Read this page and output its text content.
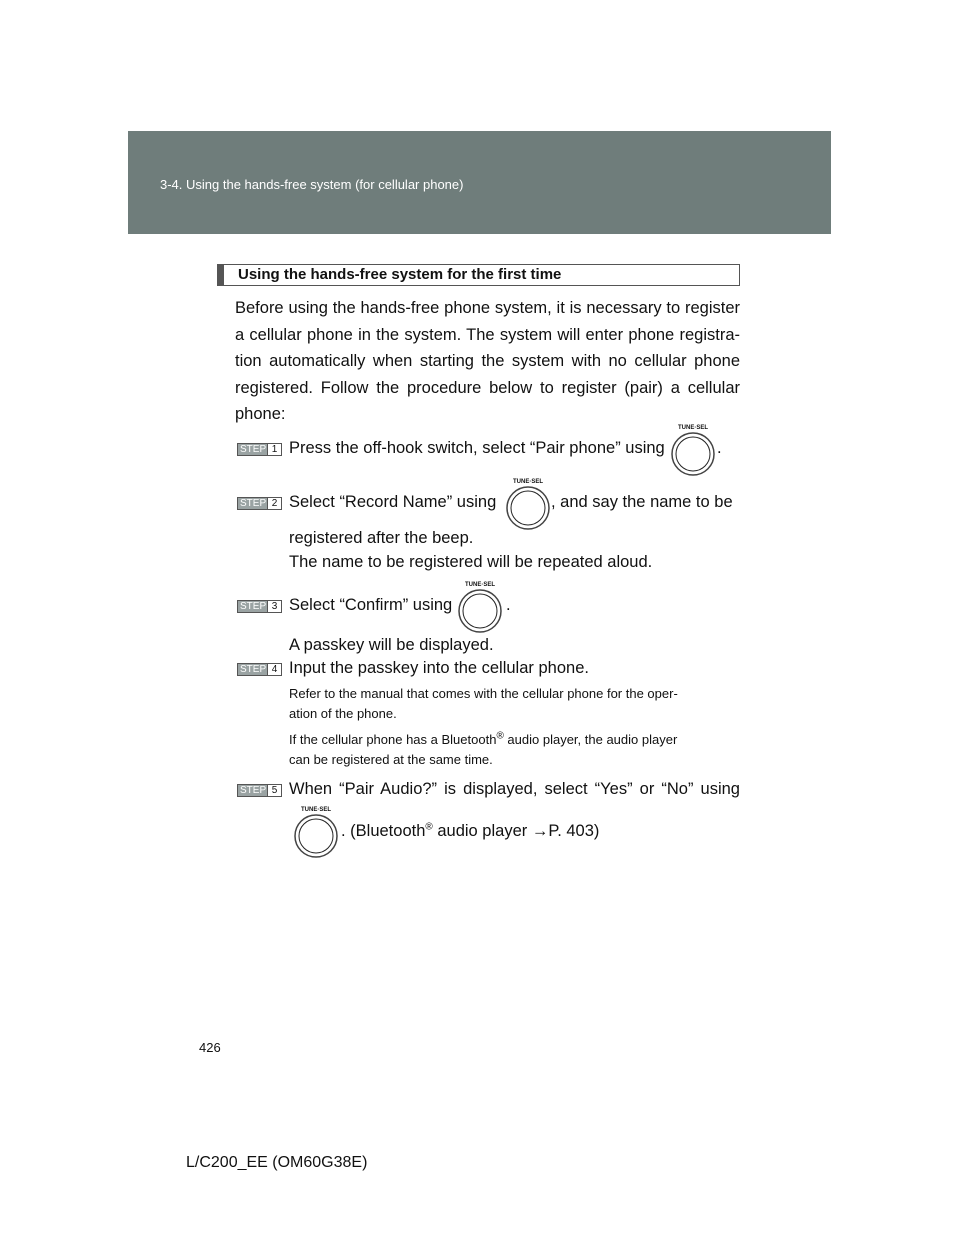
3-4. Using the hands-free system (for cellular phone)
Using the hands-free system for the first time
Before using the hands-free phone system, it is necessary to register a cellular phone in the system. The system will enter phone registra-tion automatically when starting the system with no cellular phone registered. Follow the procedure below to register (pair) a cellular phone:
STEP 1 Press the off-hook switch, select “Pair phone” using
TUNE·SEL
.
STEP 2 Select “Record Name” using
TUNE·SEL
, and say the name to be
registered after the beep.
The name to be registered will be repeated aloud.
STEP 3 Select “Confirm” using
TUNE·SEL
.
A passkey will be displayed.
STEP 4 Input the passkey into the cellular phone.
Refer to the manual that comes with the cellular phone for the oper-
ation of the phone.
If the cellular phone has a Bluetooth® audio player, the audio player
can be registered at the same time.
STEP 5 When “Pair Audio?” is displayed, select “Yes” or “No” using
TUNE·SEL
. (Bluetooth® audio player →P. 403)
426
L/C200_EE (OM60G38E)
